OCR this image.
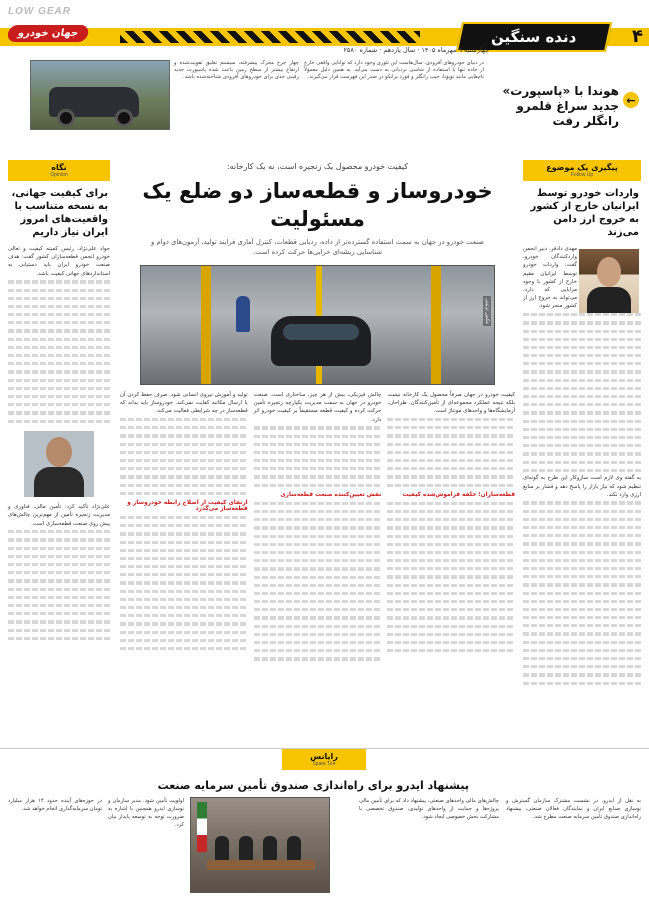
LOW GEAR
دنده سنگین	۴
جهان خودرو
چهارشنبه ۹ مهرماه ۱۴۰۵ · سال یازدهم · شماره ۲۵۸۰
←
هوندا با «پاسپورت» جدید سراغ قلمرو رانگلر رفت
در دنیای خودروهای آفرودی، سال‌هاست این تئوری وجود دارد که توانایی واقعی خارج از جاده تنها با استفاده از شاسی نردبانی به دست می‌آید. به همین دلیل معمولاً نام‌هایی مانند تویوتا، جیپ رانگلر و فورد برانکو در صدر این فهرست قرار می‌گیرند.
چهار چرخ محرک پیشرفته، سیستم تعلیق تقویت‌شده و ارتفاع بیشتر از سطح زمین باعث شده پاسپورت جدید رقیبی جدی برای خودروهای آفرودی شناخته‌شده باشد.
پیگیری یک موضوع
Follow Up
واردات خودرو توسط ایرانیان خارج از کشور به خروج ارز دامن می‌زند
مهدی دادفر، دبیر انجمن واردکنندگان خودرو، گفت: واردات خودرو توسط ایرانیان مقیم خارج از کشور با وجود مزایایی که دارد، می‌تواند به خروج ارز از کشور منجر شود.
به گفته وی لازم است سازوکار این طرح به گونه‌ای تنظیم شود که نیاز بازار را پاسخ دهد و فشار بر منابع ارزی وارد نکند.
نگاه
Opinion
برای کیفیت جهانی، به نسخه متناسب با واقعیت‌های امروز ایران نیاز داریم
جواد علی‌نژاد، رئیس کمیته کیفیت و تعالی خودرو انجمن قطعه‌سازان کشور گفت: هدف صنعت خودرو ایران باید دستیابی به استانداردهای جهانی کیفیت باشد.
علی‌نژاد تأکید کرد: تأمین مالی، فناوری و مدیریت زنجیره تأمین از مهم‌ترین چالش‌های پیش روی صنعت قطعه‌سازی است.
کیفیت خودرو محصول یک زنجیره است، نه یک کارخانه:
خودروساز و قطعه‌ساز دو ضلع یک مسئولیت
صنعت خودرو در جهان به سمت استفاده گسترده‌تر از داده، ردیابی قطعات، کنترل آماری فرایند تولید، آزمون‌های دوام و شناسایی ریشه‌ای خرابی‌ها حرکت کرده است.
عکس تزئینی
کیفیت خودرو در جهان صرفاً محصول یک کارخانه نیست بلکه نتیجه عملکرد مجموعه‌ای از تأمین‌کنندگان، طراحان، آزمایشگاه‌ها و واحدهای مونتاژ است.
قطعه‌سازان؛ حلقه فراموش‌شده کیفیت
چالش فیزیکی، بیش از هر چیز، ساختاری است. صنعت خودرو در جهان به سمت مدیریت یکپارچه زنجیره تأمین حرکت کرده و کیفیت قطعه مستقیماً بر کیفیت خودرو اثر دارد.
نقش تعیین‌کننده صنعت قطعه‌سازی
تولید و آموزش نیروی انسانی شود. صرف حفظ کردن آن یا ارسال مکاتبه کفایت نمی‌کند. خودروساز باید بداند که قطعه‌ساز در چه شرایطی فعالیت می‌کند.
ارتقای کیفیت از اصلاح رابطه خودروساز و قطعه‌ساز می‌گذرد
رایانس
Spare Tire
پیشنهاد ایدرو برای راه‌اندازی صندوق تأمین سرمایه صنعت
به نقل از ایدرو، در نشست مشترک سازمان گسترش و نوسازی صنایع ایران و نمایندگان فعالان صنعتی، پیشنهاد راه‌اندازی صندوق تأمین سرمایه صنعت مطرح شد.
چالش‌های مالی واحدهای صنعتی، پیشنهاد داد که برای تأمین مالی پروژه‌ها و حمایت از واحدهای تولیدی، صندوق تخصصی با مشارکت بخش خصوصی ایجاد شود.
اولویت تأمین شود. مدیر سازمان و نوسازی ایدرو همچنین با اشاره به ضرورت توجه به توسعه پایدار بیان کرد.
در حوزه‌های آینده حدود ۱۴ هزار میلیارد تومان سرمایه‌گذاری انجام خواهد شد.
